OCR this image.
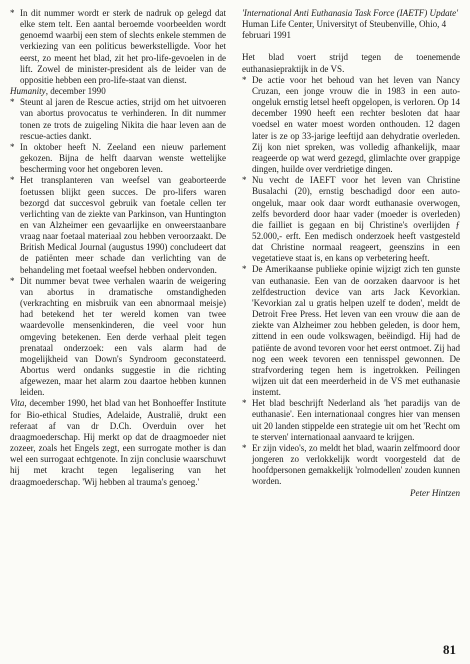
* In dit nummer wordt er sterk de nadruk op gelegd dat elke stem telt. Een aantal beroemde voorbeelden wordt genoemd waarbij een stem of slechts enkele stemmen de verkiezing van een politicus bewerkstelligde. Voor het eerst, zo meent het blad, zit het pro-life-gevoelen in de lift. Zowel de minister-president als de leider van de oppositie hebben een pro-life-staat van dienst.

Humanity, december 1990

* Steunt al jaren de Rescue acties, strijd om het uitvoeren van abortus provocatus te verhinderen. In dit nummer tonen ze trots de zuigeling Nikita die haar leven aan de rescue-acties dankt.

* In oktober heeft N. Zeeland een nieuw parlement gekozen. Bijna de helft daarvan wenste wettelijke bescherming voor het ongeboren leven.

* Het transplanteren van weefsel van geaborteerde foetussen blijkt geen succes. De pro-lifers waren bezorgd dat succesvol gebruik van foetale cellen ter verlichting van de ziekte van Parkinson, van Huntington en van Alzheimer een gevaarlijke en onweerstaanbare vraag naar foetaal materiaal zou hebben veroorzaakt. De British Medical Journal (augustus 1990) concludeert dat de patiënten meer schade dan verlichting van de behandeling met foetaal weefsel hebben ondervonden.

* Dit nummer bevat twee verhalen waarin de weigering van abortus in dramatische omstandigheden (verkrachting en misbruik van een abnormaal meisje) had betekend het ter wereld komen van twee waardevolle mensenkinderen, die veel voor hun omgeving betekenen. Een derde verhaal pleit tegen prenataal onderzoek: een vals alarm had de mogelijkheid van Down's Syndroom geconstateerd. Abortus werd ondanks suggestie in die richting afgewezen, maar het alarm zou daartoe hebben kunnen leiden.

Vita, december 1990, het blad van het Bonhoeffer Institute for Bio-ethical Studies, Adelaide, Australië, drukt een referaat af van dr D.Ch. Overduin over het draagmoederschap. Hij merkt op dat de draagmoeder niet zozeer, zoals het Engels zegt, een surrogate mother is dan wel een surrogaat echtgenote. In zijn conclusie waarschuwt hij met kracht tegen legalisering van het draagmoederschap. 'Wij hebben al trauma's genoeg.'

'International Anti Euthanasia Task Force (IAETF) Update'

Human Life Center, Universityt of Steubenville, Ohio, 4 februari 1991

Het blad voert strijd tegen de toenemende euthanasiepraktijk in de VS.

* De actie voor het behoud van het leven van Nancy Cruzan, een jonge vrouw die in 1983 in een auto-ongeluk ernstig letsel heeft opgelopen, is verloren. Op 14 december 1990 heeft een rechter besloten dat haar voedsel en water moest worden onthouden. 12 dagen later is ze op 33-jarige leeftijd aan dehydratie overleden. Zij kon niet spreken, was volledig afhankelijk, maar reageerde op wat werd gezegd, glimlachte over grappige dingen, huilde over verdrietige dingen.

* Nu vecht de IAEFT voor het leven van Christine Busalachi (20), ernstig beschadigd door een auto-ongeluk, maar ook daar wordt euthanasie overwogen, zelfs bevorderd door haar vader (moeder is overleden) die failliet is gegaan en bij Christine's overlijden ƒ 52.000,- erft. Een medisch onderzoek heeft vastgesteld dat Christine normaal reageert, geenszins in een vegetatieve staat is, en kans op verbetering heeft.

* De Amerikaanse publieke opinie wijzigt zich ten gunste van euthanasie. Een van de oorzaken daarvoor is het zelfdestruction device van arts Jack Kevorkian. 'Kevorkian zal u gratis helpen uzelf te doden', meldt de Detroit Free Press. Het leven van een vrouw die aan de ziekte van Alzheimer zou hebben geleden, is door hem, zittend in een oude volkswagen, beëindigd. Hij had de patiënte de avond tevoren voor het eerst ontmoet. Zij had nog een week tevoren een tennisspel gewonnen. De strafvordering tegen hem is ingetrokken. Peilingen wijzen uit dat een meerderheid in de VS met euthanasie instemt.

* Het blad beschrijft Nederland als 'het paradijs van de euthanasie'. Een internationaal congres hier van mensen uit 20 landen stippelde een strategie uit om het 'Recht om te sterven' internationaal aanvaard te krijgen.

* Er zijn video's, zo meldt het blad, waarin zelfmoord door jongeren zo verlokkelijk wordt voorgesteld dat de hoofdpersonen gemakkelijk 'rolmodellen' zouden kunnen worden.

Peter Hintzen

81
